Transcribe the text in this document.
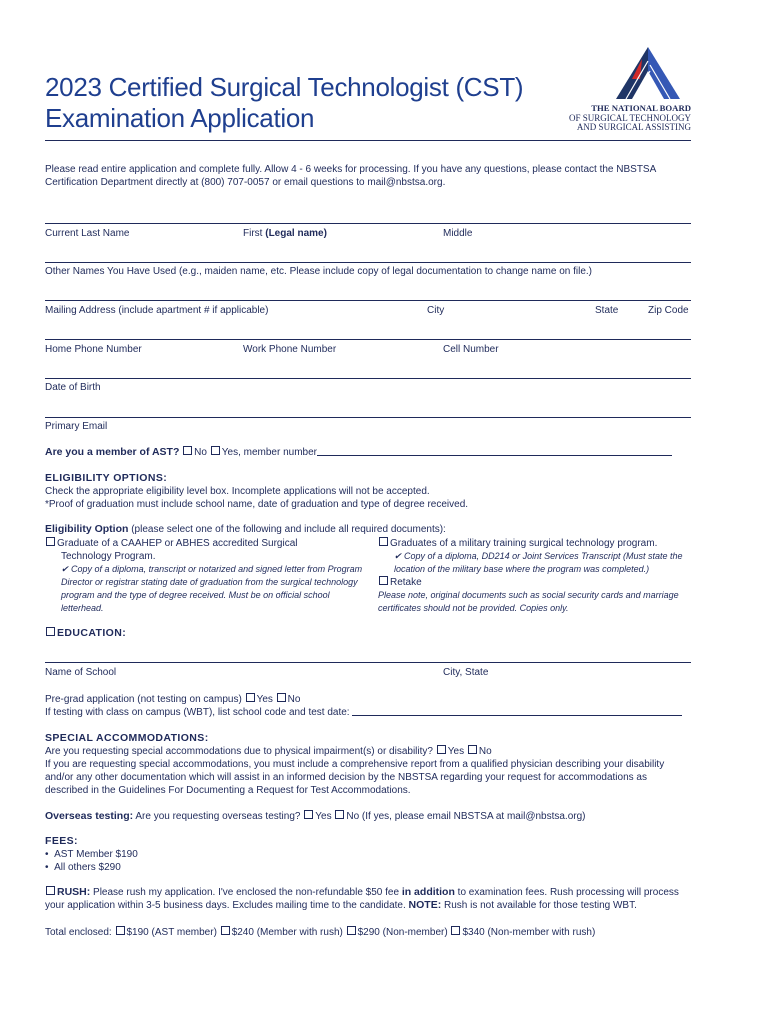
2023 Certified Surgical Technologist (CST)
Examination Application	THE NATIONAL BOARD
OF SURGICAL TECHNOLOGY
AND SURGICAL ASSISTING
Please read entire application and complete fully. Allow 4 - 6 weeks for processing. If you have any questions, please contact the NBSTSA
Certification Department directly at (800) 707-0057 or email questions to mail@nbstsa.org.
Current Last Name	First (Legal name)	Middle
Other Names You Have Used (e.g., maiden name, etc. Please include copy of legal documentation to change name on file.)
Mailing Address (include apartment # if applicable)	City	State	Zip Code
Home Phone Number	Work Phone Number	Cell Number
Date of Birth
Primary Email
Are you a member of AST? No Yes, member number
ELIGIBILITY OPTIONS:
Check the appropriate eligibility level box. Incomplete applications will not be accepted.
*Proof of graduation must include school name, date of graduation and type of degree received.
Eligibility Option (please select one of the following and include all required documents):
Graduate of a CAAHEP or ABHES accredited Surgical
Technology Program.
✔ Copy of a diploma, transcript or notarized and signed letter from Program
Director or registrar stating date of graduation from the surgical technology
program and the type of degree received. Must be on official school
letterhead.
Graduates of a military training surgical technology program.
✔ Copy of a diploma, DD214 or Joint Services Transcript (Must state the
location of the military base where the program was completed.)
Retake
Please note, original documents such as social security cards and marriage
certificates should not be provided. Copies only.
EDUCATION:
Name of School	City, State
Pre-grad application (not testing on campus) Yes No
If testing with class on campus (WBT), list school code and test date:
SPECIAL ACCOMMODATIONS:
Are you requesting special accommodations due to physical impairment(s) or disability? Yes No
If you are requesting special accommodations, you must include a comprehensive report from a qualified physician describing your disability
and/or any other documentation which will assist in an informed decision by the NBSTSA regarding your request for accommodations as
described in the Guidelines For Documenting a Request for Test Accommodations.
Overseas testing: Are you requesting overseas testing? Yes No (If yes, please email NBSTSA at mail@nbstsa.org)
FEES:
•  AST Member $190
•  All others $290
RUSH: Please rush my application. I've enclosed the non-refundable $50 fee in addition to examination fees. Rush processing will process
your application within 3-5 business days. Excludes mailing time to the candidate. NOTE: Rush is not available for those testing WBT.
Total enclosed: $190 (AST member) $240 (Member with rush) $290 (Non-member) $340 (Non-member with rush)
